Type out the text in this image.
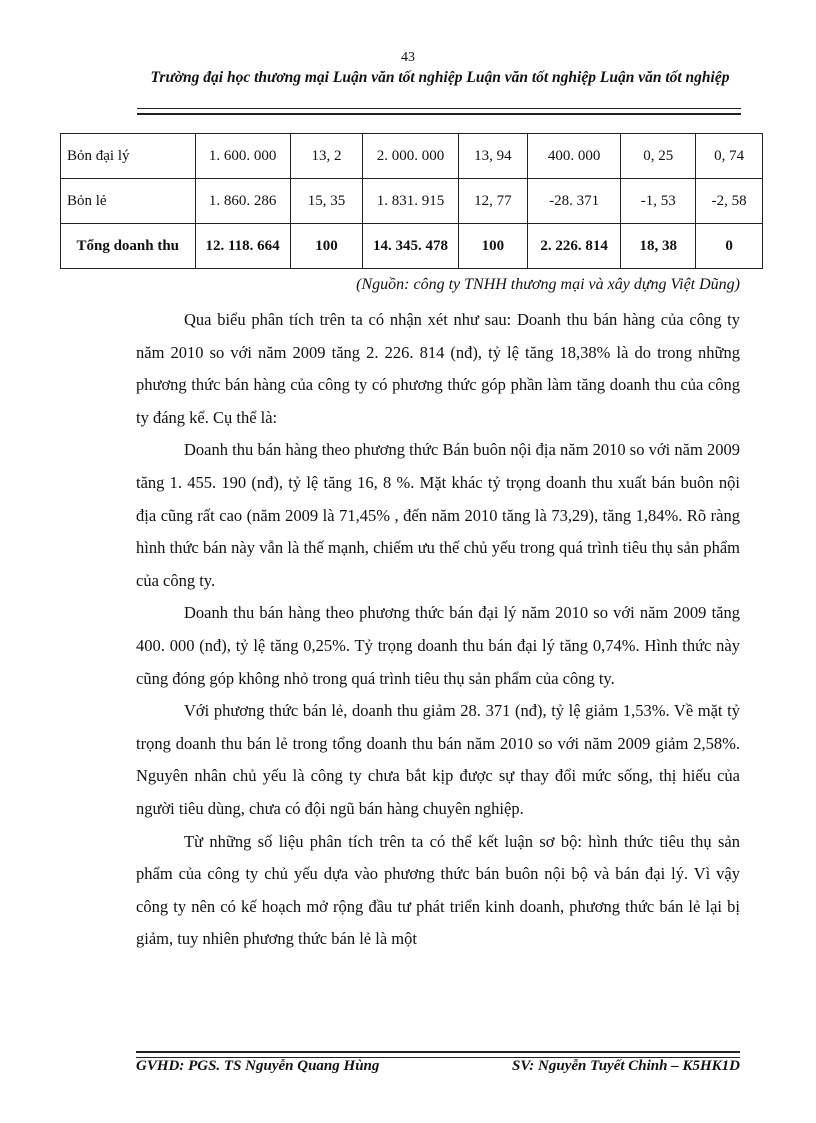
43
Trường đại học thương mại Luận văn tốt nghiệp Luận văn tốt nghiệp Luận văn tốt nghiệp
Bỏn đại lý	1. 600. 000	13, 2	2. 000. 000	13, 94	400. 000	0, 25	0, 74
Bỏn lẻ	1. 860. 286	15, 35	1. 831. 915	12, 77	-28. 371	-1, 53	-2, 58
Tổng doanh thu	12. 118. 664	100	14. 345. 478	100	2. 226. 814	18, 38	0
(Nguồn: công ty TNHH thương mại và xây dựng Việt Dũng)

Qua biểu phân tích trên ta có nhận xét như sau: Doanh thu bán hàng của công ty năm 2010 so với năm 2009 tăng 2. 226. 814 (nđ), tỷ lệ tăng 18,38% là do trong những phương thức bán hàng của công ty có phương thức góp phần làm tăng doanh thu của công ty đáng kể. Cụ thể là:

Doanh thu bán hàng theo phương thức Bán buôn nội địa năm 2010 so với năm 2009 tăng 1. 455. 190 (nđ), tỷ lệ tăng 16, 8 %. Mặt khác tỷ trọng doanh thu xuất bán buôn nội địa cũng rất cao (năm 2009 là 71,45% , đến năm 2010 tăng là 73,29), tăng 1,84%. Rõ ràng hình thức bán này vẫn là thế mạnh, chiếm ưu thế chủ yếu trong quá trình tiêu thụ sản phẩm của công ty.

Doanh thu bán hàng theo phương thức bán đại lý năm 2010 so với năm 2009 tăng 400. 000 (nđ), tỷ lệ tăng 0,25%. Tỷ trọng doanh thu bán đại lý tăng 0,74%. Hình thức này cũng đóng góp không nhỏ trong quá trình tiêu thụ sản phẩm của công ty.

Với phương thức bán lẻ, doanh thu giảm 28. 371 (nđ), tỷ lệ giảm 1,53%. Về mặt tỷ trọng doanh thu bán lẻ trong tổng doanh thu bán năm 2010 so với năm 2009 giảm 2,58%. Nguyên nhân chủ yếu là công ty chưa bắt kịp được sự thay đổi mức sống, thị hiếu của người tiêu dùng, chưa có đội ngũ bán hàng chuyên nghiệp.

Từ những số liệu phân tích trên ta có thể kết luận sơ bộ: hình thức tiêu thụ sản phẩm của công ty chủ yếu dựa vào phương thức bán buôn nội bộ và bán đại lý. Vì vậy công ty nên có kế hoạch mở rộng đầu tư phát triển kinh doanh, phương thức bán lẻ lại bị giảm, tuy nhiên phương thức bán lẻ là một

GVHD: PGS. TS Nguyễn Quang Hùng	SV: Nguyễn Tuyết Chinh – K5HK1D
